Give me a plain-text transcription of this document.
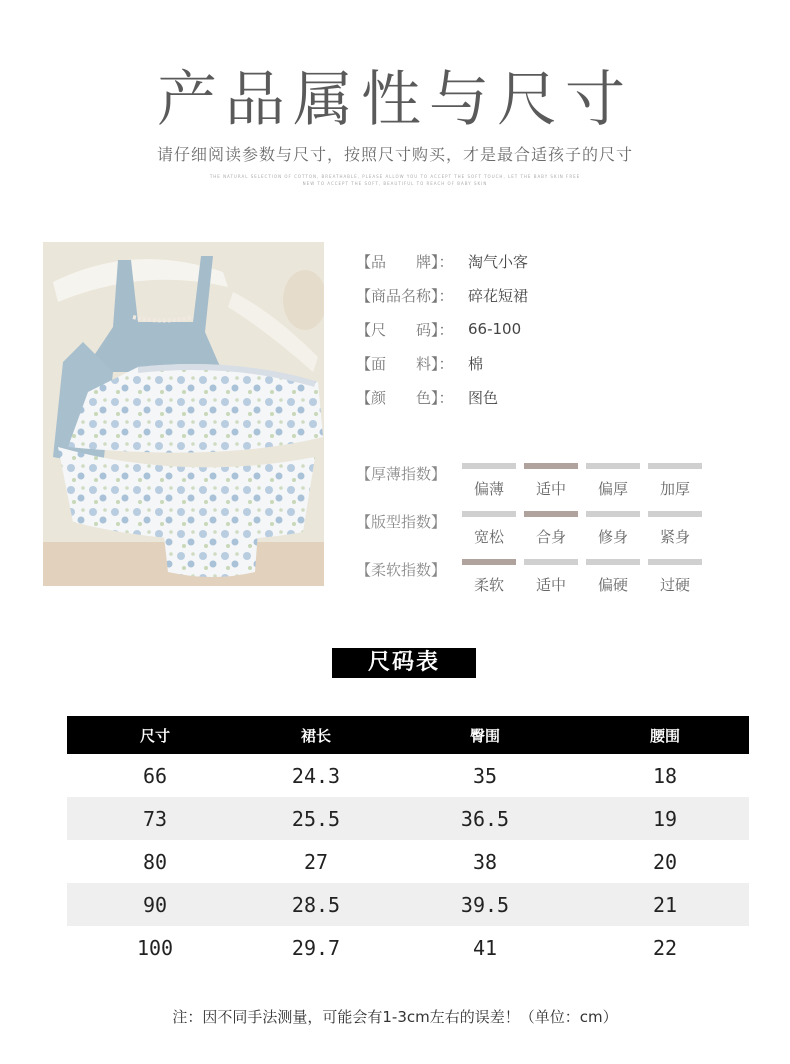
产品属性与尺寸
请仔细阅读参数与尺寸，按照尺寸购买，才是最合适孩子的尺寸
THE NATURAL SELECTION OF COTTON, BREATHABLE, PLEASE ALLOW YOU TO ACCEPT THE SOFT TOUCH, LET THE BABY SKIN FREE
NEW TO ACCEPT THE SOFT, BEAUTIFUL TO REACH OF BABY SKIN
【品　　牌】： 淘气小客
【商品名称】： 碎花短裙
【尺　　码】： 66-100
【面　　料】： 棉
【颜　　色】： 图色
【厚薄指数】
偏薄	适中	偏厚	加厚
【版型指数】
宽松	合身	修身	紧身
【柔软指数】
柔软	适中	偏硬	过硬
尺码表
尺寸	裙长	臀围	腰围
66	24.3	35	18
73	25.5	36.5	19
80	27	38	20
90	28.5	39.5	21
100	29.7	41	22
注：因不同手法测量，可能会有1-3cm左右的误差！（单位：cm）
